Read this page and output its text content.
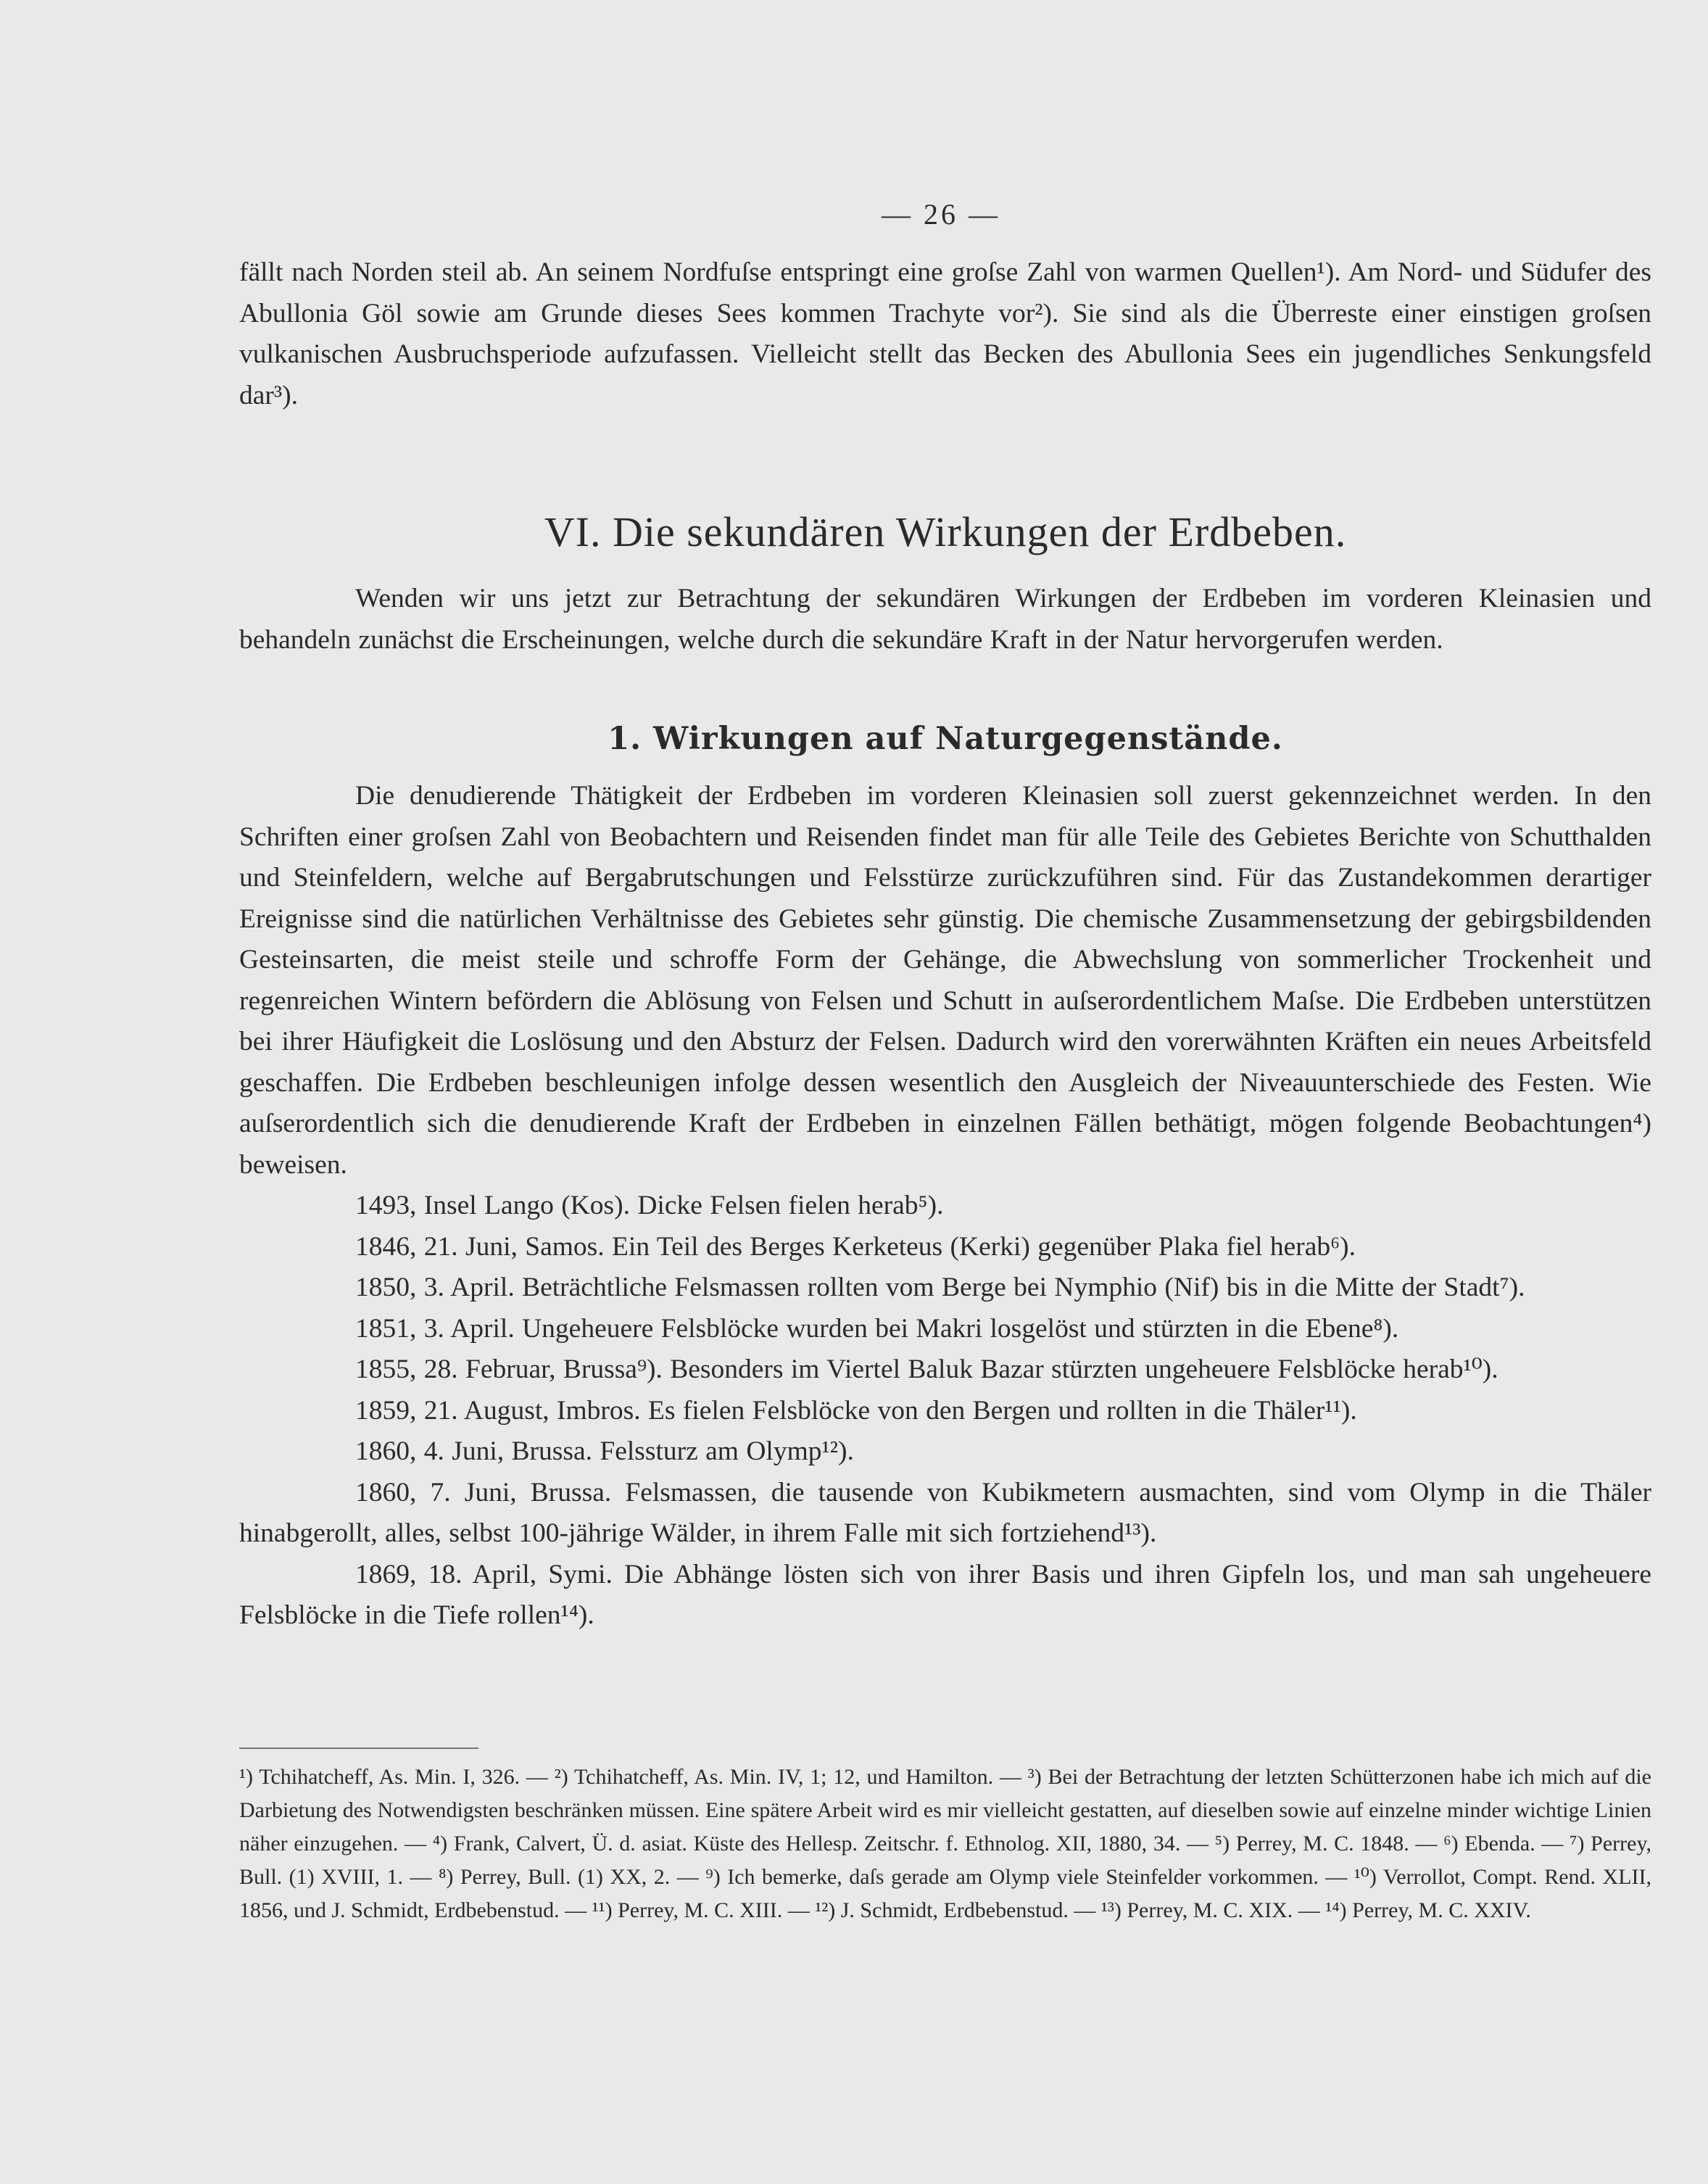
— 26 —

fällt nach Norden steil ab. An seinem Nordfuſse entspringt eine groſse Zahl von warmen Quellen¹). Am Nord- und Südufer des Abullonia Göl sowie am Grunde dieses Sees kommen Trachyte vor²). Sie sind als die Überreste einer einstigen groſsen vulkanischen Ausbruchsperiode aufzufassen. Vielleicht stellt das Becken des Abullonia Sees ein jugendliches Senkungsfeld dar³).

VI. Die sekundären Wirkungen der Erdbeben.

Wenden wir uns jetzt zur Betrachtung der sekundären Wirkungen der Erdbeben im vorderen Kleinasien und behandeln zunächst die Erscheinungen, welche durch die sekundäre Kraft in der Natur hervorgerufen werden.

1. Wirkungen auf Naturgegenstände.

Die denudierende Thätigkeit der Erdbeben im vorderen Kleinasien soll zuerst gekennzeichnet werden. In den Schriften einer groſsen Zahl von Beobachtern und Reisenden findet man für alle Teile des Gebietes Berichte von Schutthalden und Steinfeldern, welche auf Bergabrutschungen und Felsstürze zurückzuführen sind. Für das Zustandekommen derartiger Ereignisse sind die natürlichen Verhältnisse des Gebietes sehr günstig. Die chemische Zusammensetzung der gebirgsbildenden Gesteinsarten, die meist steile und schroffe Form der Gehänge, die Abwechslung von sommerlicher Trockenheit und regenreichen Wintern befördern die Ablösung von Felsen und Schutt in auſserordentlichem Maſse. Die Erdbeben unterstützen bei ihrer Häufigkeit die Loslösung und den Absturz der Felsen. Dadurch wird den vorerwähnten Kräften ein neues Arbeitsfeld geschaffen. Die Erdbeben beschleunigen infolge dessen wesentlich den Ausgleich der Niveauunterschiede des Festen. Wie auſserordentlich sich die denudierende Kraft der Erdbeben in einzelnen Fällen bethätigt, mögen folgende Beobachtungen⁴) beweisen.

1493, Insel Lango (Kos). Dicke Felsen fielen herab⁵).

1846, 21. Juni, Samos. Ein Teil des Berges Kerketeus (Kerki) gegenüber Plaka fiel herab⁶).

1850, 3. April. Beträchtliche Felsmassen rollten vom Berge bei Nymphio (Nif) bis in die Mitte der Stadt⁷).

1851, 3. April. Ungeheuere Felsblöcke wurden bei Makri losgelöst und stürzten in die Ebene⁸).

1855, 28. Februar, Brussa⁹). Besonders im Viertel Baluk Bazar stürzten ungeheuere Felsblöcke herab¹⁰).

1859, 21. August, Imbros. Es fielen Felsblöcke von den Bergen und rollten in die Thäler¹¹).

1860, 4. Juni, Brussa. Felssturz am Olymp¹²).

1860, 7. Juni, Brussa. Felsmassen, die tausende von Kubikmetern ausmachten, sind vom Olymp in die Thäler hinabgerollt, alles, selbst 100-jährige Wälder, in ihrem Falle mit sich fortziehend¹³).

1869, 18. April, Symi. Die Abhänge lösten sich von ihrer Basis und ihren Gipfeln los, und man sah ungeheuere Felsblöcke in die Tiefe rollen¹⁴).

¹) Tchihatcheff, As. Min. I, 326. — ²) Tchihatcheff, As. Min. IV, 1; 12, und Hamilton. — ³) Bei der Betrachtung der letzten Schütterzonen habe ich mich auf die Darbietung des Notwendigsten beschränken müssen. Eine spätere Arbeit wird es mir vielleicht gestatten, auf dieselben sowie auf einzelne minder wichtige Linien näher einzugehen. — ⁴) Frank, Calvert, Ü. d. asiat. Küste des Hellesp. Zeitschr. f. Ethnolog. XII, 1880, 34. — ⁵) Perrey, M. C. 1848. — ⁶) Ebenda. — ⁷) Perrey, Bull. (1) XVIII, 1. — ⁸) Perrey, Bull. (1) XX, 2. — ⁹) Ich bemerke, daſs gerade am Olymp viele Steinfelder vorkommen. — ¹⁰) Verrollot, Compt. Rend. XLII, 1856, und J. Schmidt, Erdbebenstud. — ¹¹) Perrey, M. C. XIII. — ¹²) J. Schmidt, Erdbebenstud. — ¹³) Perrey, M. C. XIX. — ¹⁴) Perrey, M. C. XXIV.
